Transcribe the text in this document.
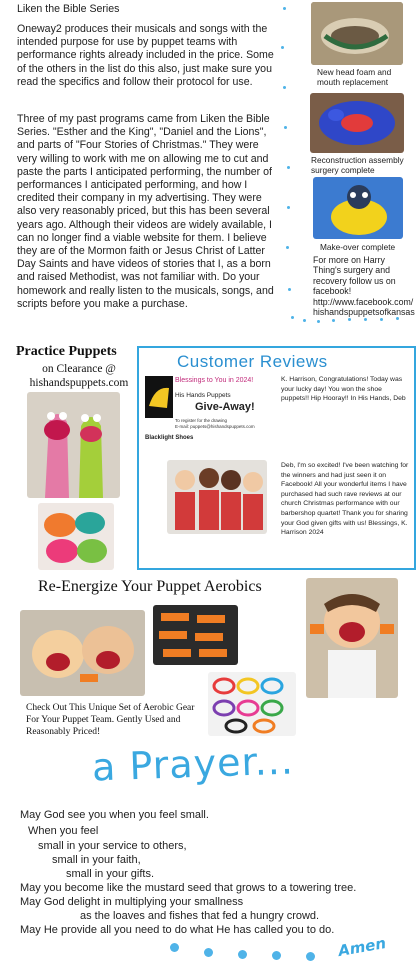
Liken the Bible Series
Oneway2 produces their musicals and songs with the intended purpose for use by puppet teams with performance rights already included in the price. Some of the others in the list do this also, just make sure you read the specifics and follow their protocol for use.
Three of my past programs came from Liken the Bible Series. "Esther and the King", "Daniel and the Lions", and parts of "Four Stories of Christmas." They were very willing to work with me on allowing me to cut and paste the parts I anticipated performing, the number of performances I anticipated performing, and how I credited their company in my advertising. They were also very reasonably priced, but this has been several years ago. Although their videos are widely available, I can no longer find a viable website for them. I believe they are of the Mormon faith or Jesus Christ of Latter Day Saints and have videos of stories that I, as a born and raised Methodist, was not familiar with. Do your homework and really listen to the musicals, songs, and scripts before you make a purchase.
New head foam and mouth replacement
Reconstruction assembly surgery complete
Make-over complete
For more on Harry Thing's surgery and recovery follow us on facebook! http://www.facebook.com/ hishandspuppetsofkansas
Practice Puppets
on Clearance @ hishandspuppets.com
Customer Reviews
Blessings to You in 2024!
His Hands Puppets
Give-Away!
To register for the drawing
E-mail: puppets@hishandspuppets.com
Blacklight Shoes
K. Harrison, Congratulations! Today was your lucky day! You won the shoe puppets!! Hip Hooray!! In His Hands, Deb
Deb, I'm so excited! I've been watching for the winners and had just seen it on Facebook! All your wonderful items I have purchased had such rave reviews at our church Christmas performance with our barbershop quartet! Thank you for sharing your God given gifts with us! Blessings, K. Harrison 2024
Re-Energize Your Puppet Aerobics
Check Out This Unique Set of Aerobic Gear For Your Puppet Team. Gently Used and Reasonably Priced!
a Prayer...
May God see you when you feel small.
When you feel
small in your service to others,
small in your faith,
small in your gifts.
May you become like the mustard seed that grows to a towering tree.
May God delight in multiplying your smallness
as the loaves and fishes that fed a hungry crowd.
May He provide all you need to do what He has called you to do.
Amen
